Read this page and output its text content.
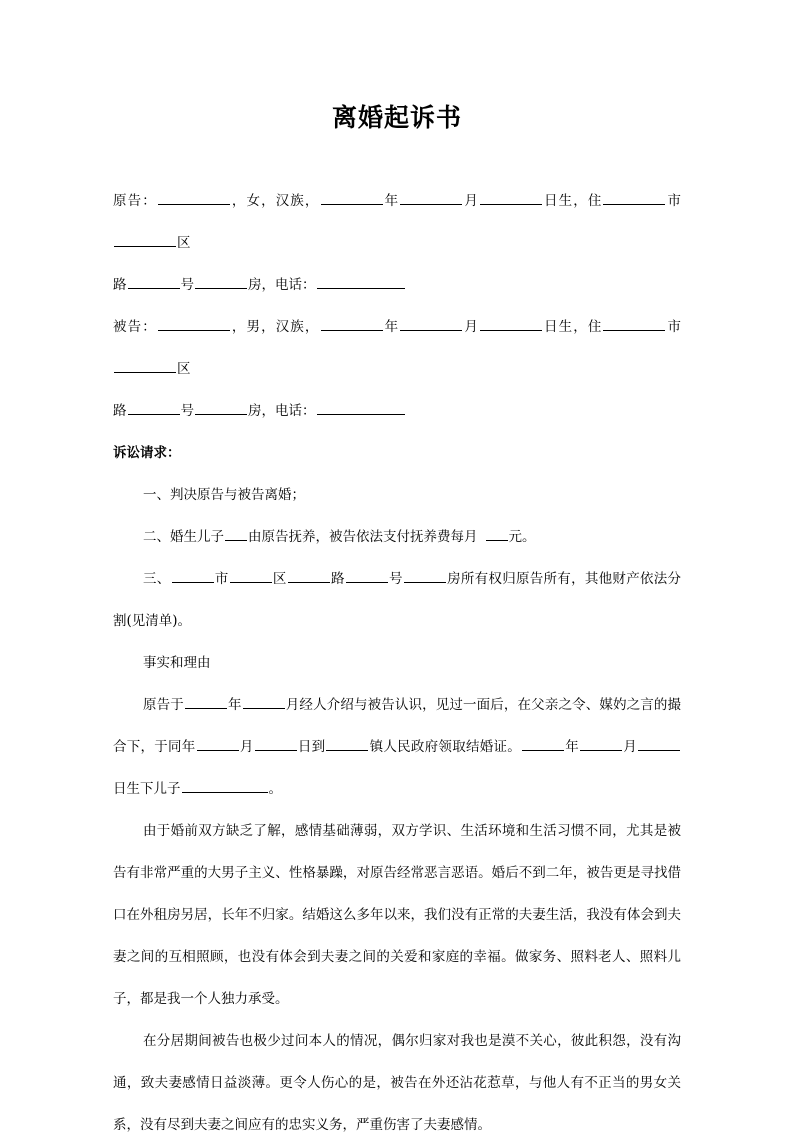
离婚起诉书

原告：	，女，汉族，	年	月	日生，住	市区

路	号	房，电话：

被告：	，男，汉族，	年	月	日生，住	市区

路	号	房，电话：

诉讼请求：

一、判决原告与被告离婚；

二、婚生儿子 由原告抚养，被告依法支付抚养费每月 元。

三、	市	区	路	号	房所有权归原告所有，其他财产依法分割(见清单)。

事实和理由

原告于	年	月经人介绍与被告认识，见过一面后，在父亲之令、媒妁之言的撮合下，于同年	月	日到	镇人民政府领取结婚证。	年	月日生下儿子	。

由于婚前双方缺乏了解，感情基础薄弱，双方学识、生活环境和生活习惯不同，尤其是被告有非常严重的大男子主义、性格暴躁，对原告经常恶言恶语。婚后不到二年，被告更是寻找借口在外租房另居，长年不归家。结婚这么多年以来，我们没有正常的夫妻生活，我没有体会到夫妻之间的互相照顾，也没有体会到夫妻之间的关爱和家庭的幸福。做家务、照料老人、照料儿子，都是我一个人独力承受。

在分居期间被告也极少过问本人的情况，偶尔归家对我也是漠不关心，彼此积怨，没有沟通，致夫妻感情日益淡薄。更令人伤心的是，被告在外还沾花惹草，与他人有不正当的男女关系，没有尽到夫妻之间应有的忠实义务，严重伤害了夫妻感情。
